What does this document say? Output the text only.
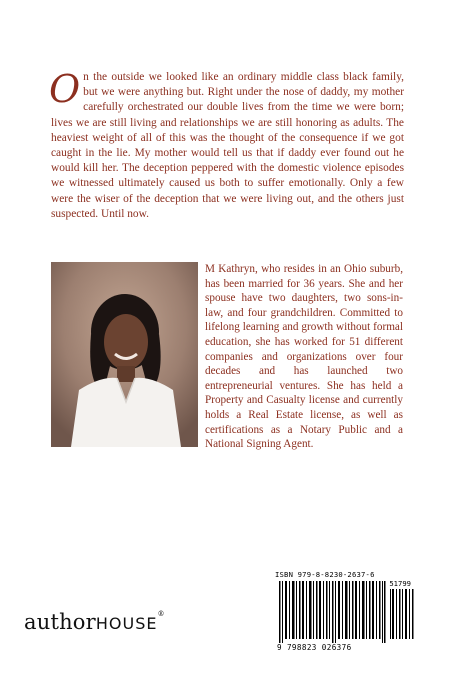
On the outside we looked like an ordinary middle class black family, but we were anything but. Right under the nose of daddy, my mother carefully orchestrated our double lives from the time we were born; lives we are still living and relationships we are still honoring as adults. The heaviest weight of all of this was the thought of the consequence if we got caught in the lie. My mother would tell us that if daddy ever found out he would kill her. The deception peppered with the domestic violence episodes we witnessed ultimately caused us both to suffer emotionally. Only a few were the wiser of the deception that we were living out, and the others just suspected. Until now.

M Kathryn, who resides in an Ohio suburb, has been married for 36 years. She and her spouse have two daughters, two sons-in-law, and four grandchildren. Committed to lifelong learning and growth without formal education, she has worked for 51 different companies and organizations over four decades and has launched two entrepreneurial ventures. She has held a Property and Casualty license and currently holds a Real Estate license, as well as certifications as a Notary Public and a National Signing Agent.

ISBN 979-8-8230-2637-6
51799
9 798823 026376
authorHOUSE®
